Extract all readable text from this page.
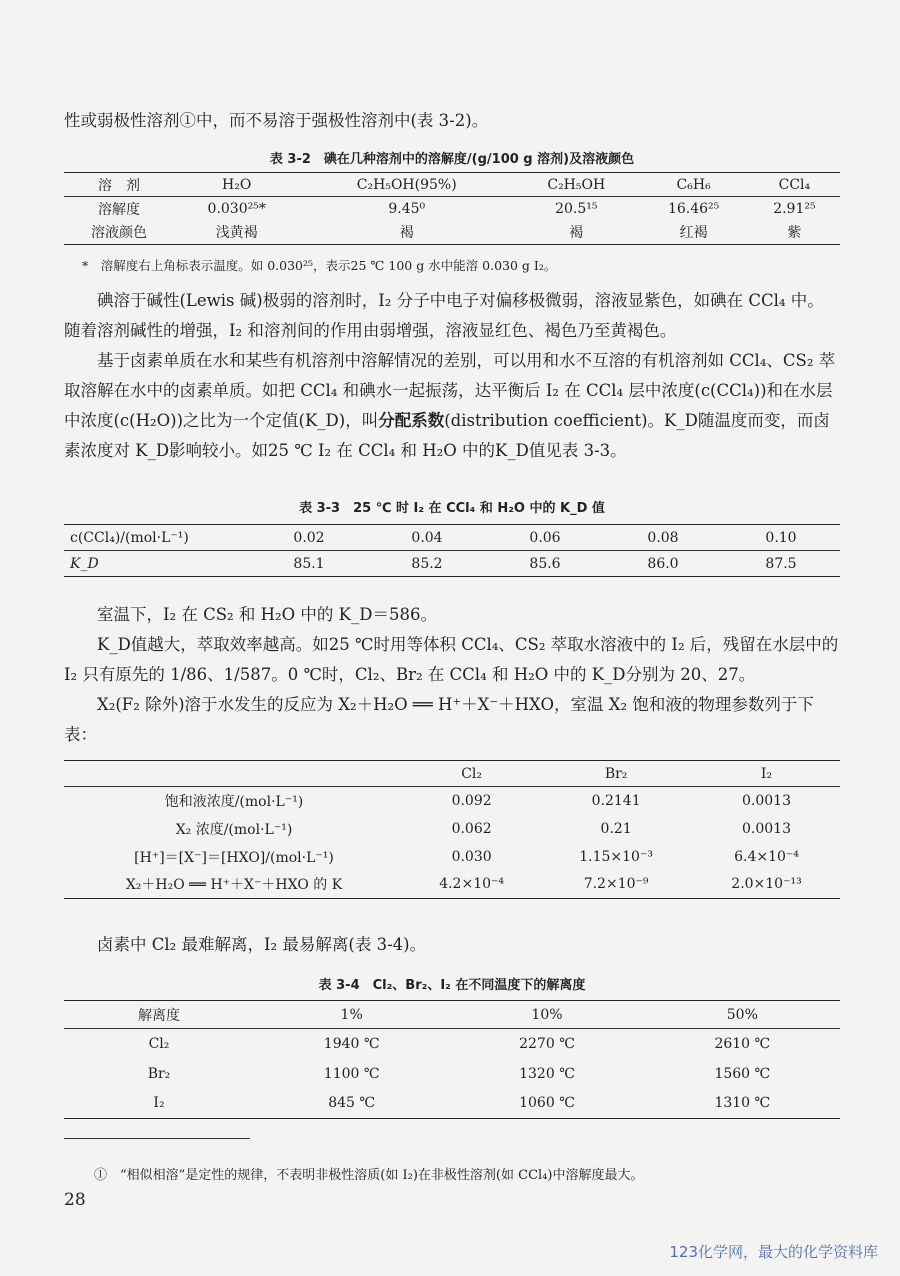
性或弱极性溶剂①中，而不易溶于强极性溶剂中(表 3-2)。

表 3-2　碘在几种溶剂中的溶解度/(g/100 g 溶剂)及溶液颜色
溶　剂	H₂O	C₂H₅OH(95%)	C₂H₅OH	C₆H₆	CCl₄
溶解度	0.030²⁵*	9.45⁰	20.5¹⁵	16.46²⁵	2.91²⁵
溶液颜色	浅黄褐	褐	褐	红褐	紫
*　溶解度右上角标表示温度。如 0.030²⁵，表示25 ℃ 100 g 水中能溶 0.030 g I₂。

碘溶于碱性(Lewis 碱)极弱的溶剂时，I₂ 分子中电子对偏移极微弱，溶液显紫色，如碘在 CCl₄ 中。随着溶剂碱性的增强，I₂ 和溶剂间的作用由弱增强，溶液显红色、褐色乃至黄褐色。

基于卤素单质在水和某些有机溶剂中溶解情况的差别，可以用和水不互溶的有机溶剂如 CCl₄、CS₂ 萃取溶解在水中的卤素单质。如把 CCl₄ 和碘水一起振荡，达平衡后 I₂ 在 CCl₄ 层中浓度(c(CCl₄))和在水层中浓度(c(H₂O))之比为一个定值(K_D)，叫分配系数(distribution coefficient)。K_D随温度而变，而卤素浓度对 K_D影响较小。如25 ℃ I₂ 在 CCl₄ 和 H₂O 中的K_D值见表 3-3。

表 3-3　25 ℃ 时 I₂ 在 CCl₄ 和 H₂O 中的 K_D 值
c(CCl₄)/(mol·L⁻¹)	0.02	0.04	0.06	0.08	0.10
K_D	85.1	85.2	85.6	86.0	87.5

室温下，I₂ 在 CS₂ 和 H₂O 中的 K_D＝586。

K_D值越大，萃取效率越高。如25 ℃时用等体积 CCl₄、CS₂ 萃取水溶液中的 I₂ 后，残留在水层中的 I₂ 只有原先的 1/86、1/587。0 ℃时，Cl₂、Br₂ 在 CCl₄ 和 H₂O 中的 K_D分别为 20、27。

X₂(F₂ 除外)溶于水发生的反应为 X₂＋H₂O ══ H⁺＋X⁻＋HXO，室温 X₂ 饱和液的物理参数列于下表：

	Cl₂	Br₂	I₂
饱和液浓度/(mol·L⁻¹)	0.092	0.2141	0.0013
X₂ 浓度/(mol·L⁻¹)	0.062	0.21	0.0013
[H⁺]＝[X⁻]＝[HXO]/(mol·L⁻¹)	0.030	1.15×10⁻³	6.4×10⁻⁴
X₂＋H₂O ══ H⁺＋X⁻＋HXO 的 K	4.2×10⁻⁴	7.2×10⁻⁹	2.0×10⁻¹³

卤素中 Cl₂ 最难解离，I₂ 最易解离(表 3-4)。

表 3-4　Cl₂、Br₂、I₂ 在不同温度下的解离度
解离度	1%	10%	50%
Cl₂	1940 ℃	2270 ℃	2610 ℃
Br₂	1100 ℃	1320 ℃	1560 ℃
I₂	845 ℃	1060 ℃	1310 ℃
①　“相似相溶”是定性的规律，不表明非极性溶质(如 I₂)在非极性溶剂(如 CCl₄)中溶解度最大。
28
123化学网，最大的化学资料库
